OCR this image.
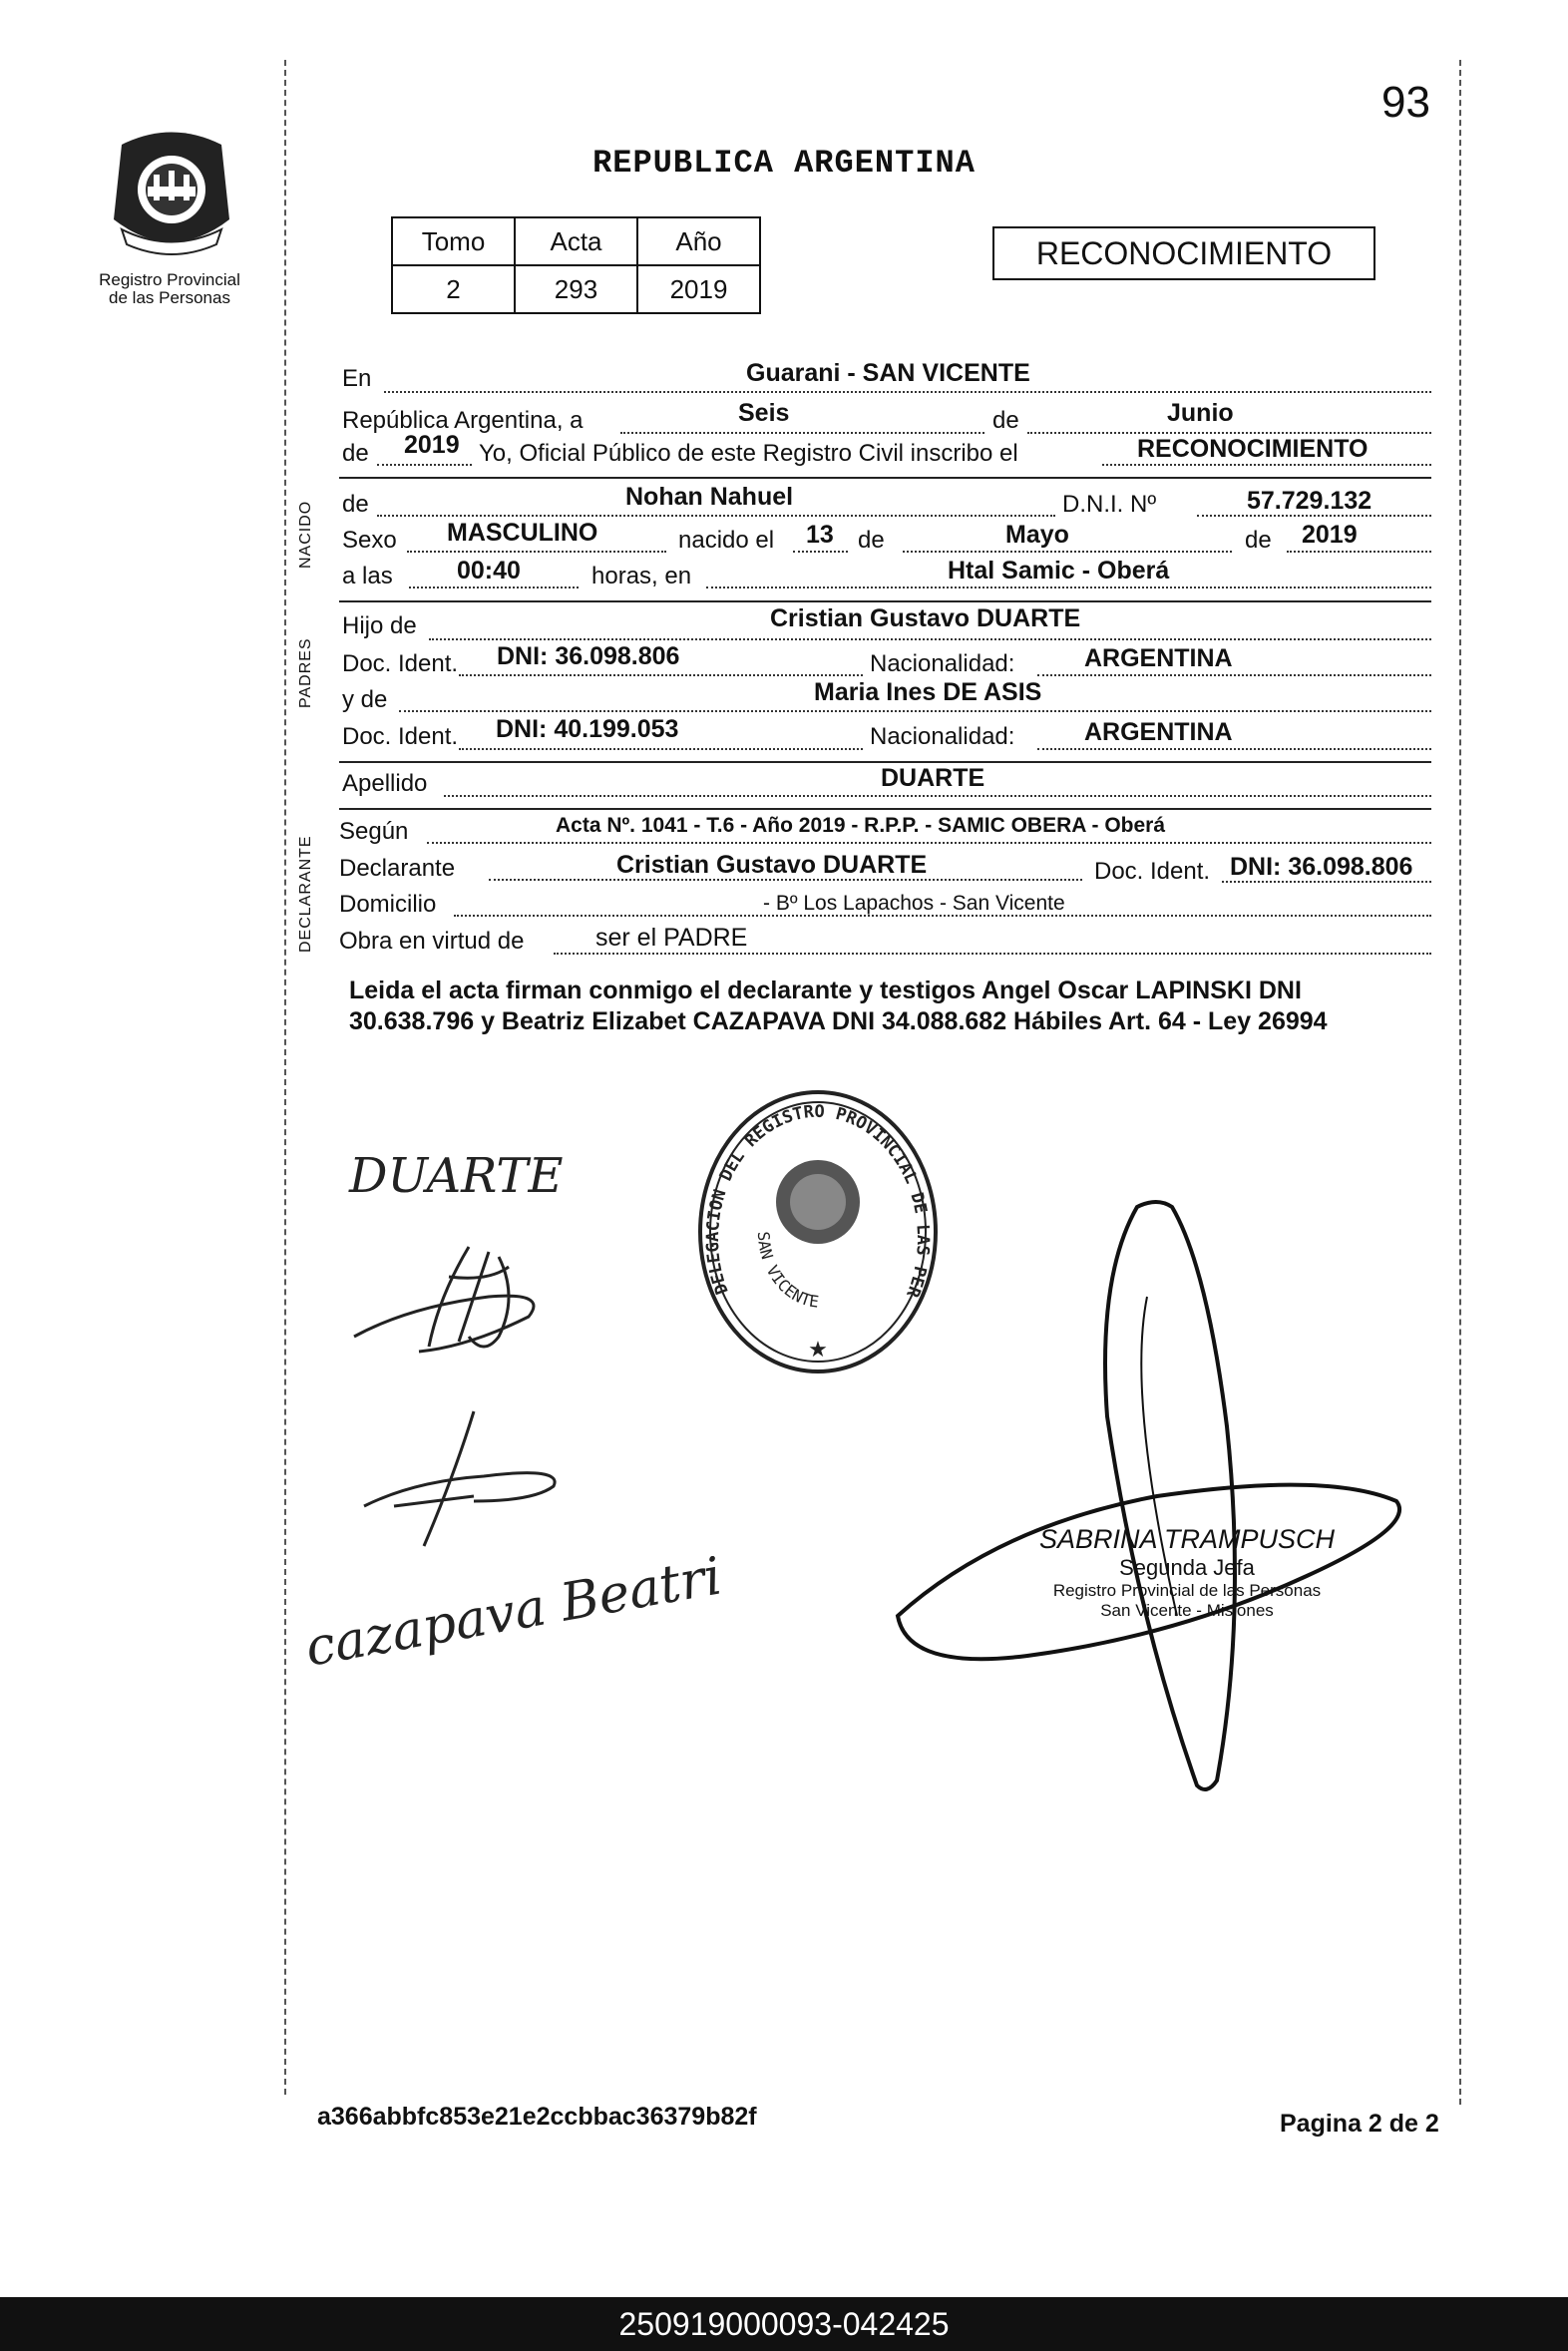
93
REPUBLICA ARGENTINA
Registro Provincial
de las Personas
Tomo	Acta	Año
2	293	2019
RECONOCIMIENTO
NACIDO
PADRES
DECLARANTE
En	Guarani - SAN VICENTE
República Argentina, a	Seis	de	Junio
de 2019 Yo, Oficial Público de este Registro Civil inscribo el	RECONOCIMIENTO
de	Nohan Nahuel	D.N.I. Nº	57.729.132
Sexo MASCULINO	nacido el 13 de	Mayo	de 2019
a las	00:40	horas, en	Htal Samic - Oberá
Hijo de	Cristian Gustavo DUARTE
Doc. Ident. DNI: 36.098.806	Nacionalidad:	ARGENTINA
y de	Maria Ines DE ASIS
Doc. Ident. DNI: 40.199.053	Nacionalidad:	ARGENTINA
Apellido	DUARTE
Según	Acta Nº. 1041 - T.6 - Año 2019 - R.P.P. - SAMIC OBERA - Oberá
Declarante	Cristian Gustavo DUARTE	Doc. Ident. DNI: 36.098.806
Domicilio	- Bº Los Lapachos - San Vicente
Obra en virtud de	ser el PADRE
Leida el acta firman conmigo el declarante y testigos Angel Oscar LAPINSKI DNI 30.638.796 y Beatriz Elizabet CAZAPAVA DNI 34.088.682 Hábiles Art. 64 - Ley 26994
DUARTE
cazapava Beatriz
DELEGACION DEL REGISTRO PROVINCIAL DE LAS PER
SAN VICENTE
★
SABRINA TRAMPUSCH
Segunda Jefa
Registro Provincial de las Personas
San Vicente - Misiones
a366abbfc853e21e2ccbbac36379b82f	Pagina 2 de 2
250919000093-042425
